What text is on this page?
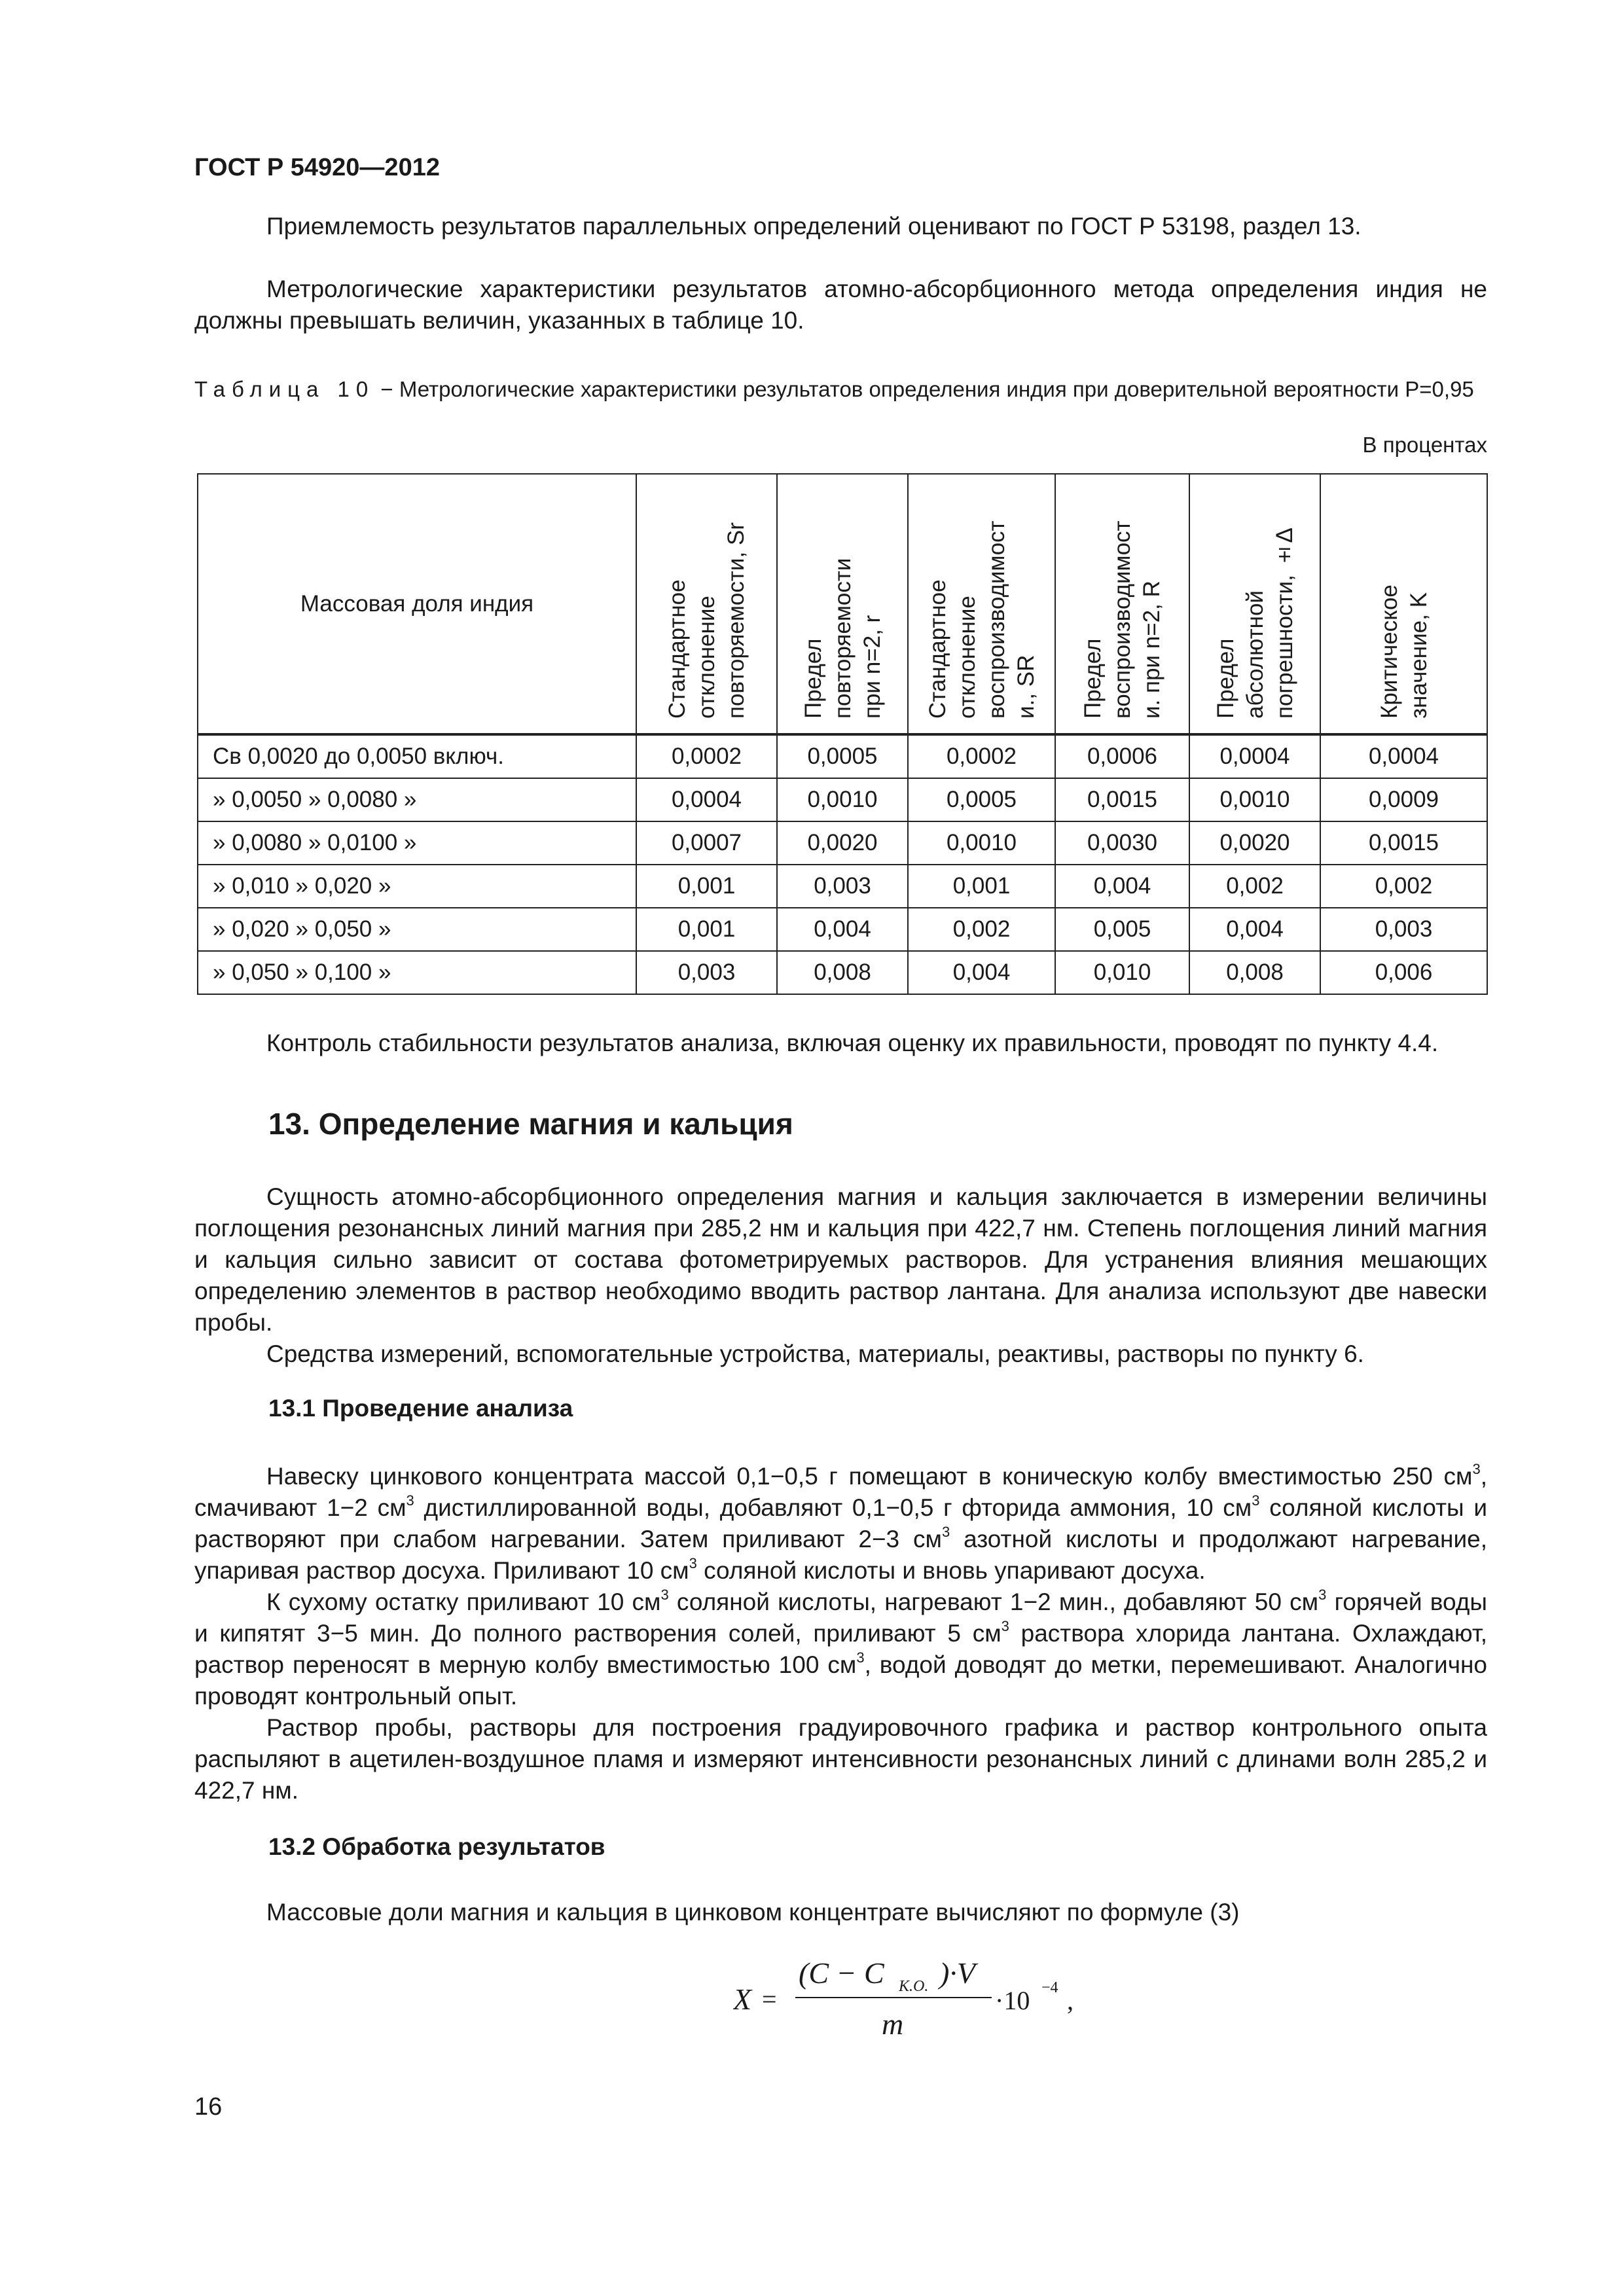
ГОСТ Р 54920—2012
Приемлемость результатов параллельных определений оценивают по ГОСТ Р 53198, раздел 13.
Метрологические характеристики результатов атомно-абсорбционного метода определения индия не должны превышать величин, указанных в таблице 10.
Таблица 10 − Метрологические характеристики результатов определения индия при доверительной вероятности Р=0,95
В процентах
Массовая доля индия	Стандартное
отклонение
повторяемости, Sr	Предел
повторяемости
при n=2, r	Стандартное
отклонение
воспроизводимост
и., SR	Предел
воспроизводимост
и. при n=2, R	Предел
абсолютной
погрешности, ±Δ	Критическое
значение, K

Св 0,0020 до 0,0050 включ.	0,0002	0,0005	0,0002	0,0006	0,0004	0,0004
» 0,0050 » 0,0080 »	0,0004	0,0010	0,0005	0,0015	0,0010	0,0009
» 0,0080 » 0,0100 »	0,0007	0,0020	0,0010	0,0030	0,0020	0,0015
» 0,010 » 0,020 »	0,001	0,003	0,001	0,004	0,002	0,002
» 0,020 » 0,050 »	0,001	0,004	0,002	0,005	0,004	0,003
» 0,050 » 0,100 »	0,003	0,008	0,004	0,010	0,008	0,006
Контроль стабильности результатов анализа, включая оценку их правильности, проводят по пункту 4.4.
13. Определение магния и кальция
Сущность атомно-абсорбционного определения магния и кальция заключается в измерении величины поглощения резонансных линий магния при 285,2 нм и кальция при 422,7 нм. Степень поглощения линий магния и кальция сильно зависит от состава фотометрируемых растворов. Для устранения влияния мешающих определению элементов в раствор необходимо вводить раствор лантана. Для анализа используют две навески пробы.
Средства измерений, вспомогательные устройства, материалы, реактивы, растворы по пункту 6.
13.1 Проведение анализа
Навеску цинкового концентрата массой 0,1−0,5 г помещают в коническую колбу вместимостью 250 $см^3$, смачивают 1−2 $см^3$ дистиллированной воды, добавляют 0,1−0,5 г фторида аммония, 10 $см^3$ соляной кислоты и растворяют при слабом нагревании. Затем приливают 2−3 $см^3$ азотной кислоты и продолжают нагревание, упаривая раствор досуха. Приливают 10 $см^3$ соляной кислоты и вновь упаривают досуха.
К сухому остатку приливают 10 $см^3$ соляной кислоты, нагревают 1−2 мин., добавляют 50 $см^3$ горячей воды и кипятят 3−5 мин. До полного растворения солей, приливают 5 $см^3$ раствора хлорида лантана. Охлаждают, раствор переносят в мерную колбу вместимостью 100 $см^3$, водой доводят до метки, перемешивают. Аналогично проводят контрольный опыт.
Раствор пробы, растворы для построения градуировочного графика и раствор контрольного опыта распыляют в ацетилен-воздушное пламя и измеряют интенсивности резонансных линий с длинами волн 285,2 и 422,7 нм.
13.2 Обработка результатов
Массовые доли магния и кальция в цинковом концентрате вычисляют по формуле (3)
X =
(C − C K.O. )·V
m
·10 −4 ,
16
